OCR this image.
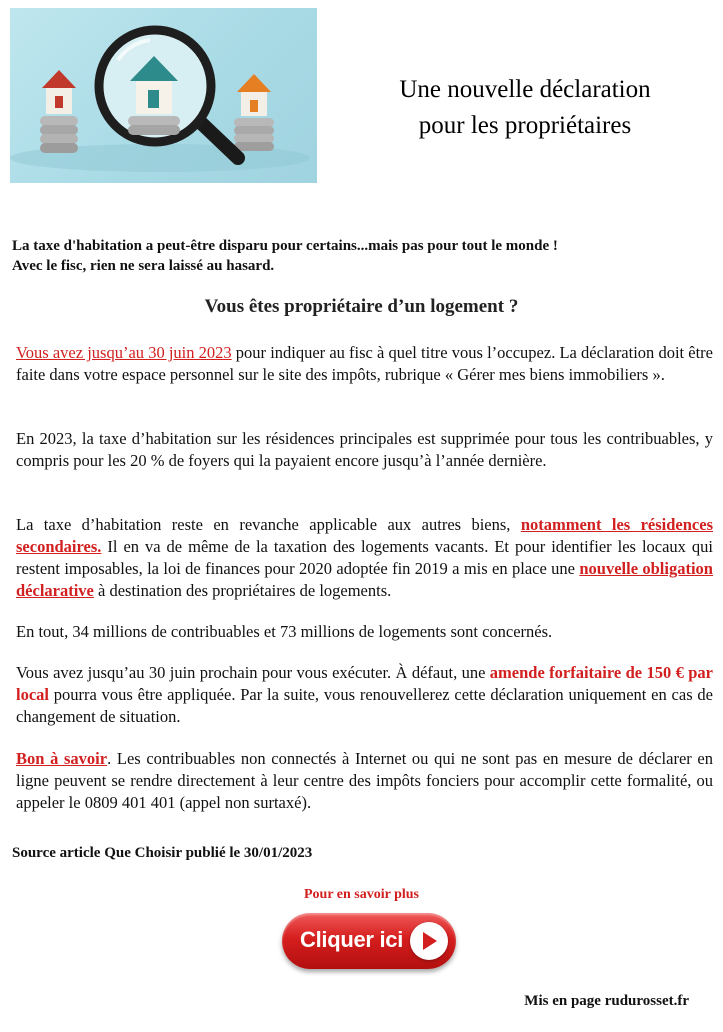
Une nouvelle déclaration
pour les propriétaires
La taxe d'habitation a peut-être disparu pour certains...mais pas pour tout le monde !
Avec le fisc, rien ne sera laissé au hasard.
Vous êtes propriétaire d’un logement ?

Vous avez jusqu’au 30 juin 2023 pour indiquer au fisc à quel titre vous l’occupez. La déclaration doit être faite dans votre espace personnel sur le site des impôts, rubrique « Gérer mes biens immobiliers ».

En 2023, la taxe d’habitation sur les résidences principales est supprimée pour tous les contribuables, y compris pour les 20 % de foyers qui la payaient encore jusqu’à l’année dernière.

La taxe d’habitation reste en revanche applicable aux autres biens, notamment les résidences secondaires. Il en va de même de la taxation des logements vacants. Et pour identifier les locaux qui restent imposables, la loi de finances pour 2020 adoptée fin 2019 a mis en place une nouvelle obligation déclarative à destination des propriétaires de logements.

En tout, 34 millions de contribuables et 73 millions de logements sont concernés.

Vous avez jusqu’au 30 juin prochain pour vous exécuter. À défaut, une amende forfaitaire de 150 € par local pourra vous être appliquée. Par la suite, vous renouvellerez cette déclaration uniquement en cas de changement de situation.

Bon à savoir. Les contribuables non connectés à Internet ou qui ne sont pas en mesure de déclarer en ligne peuvent se rendre directement à leur centre des impôts fonciers pour accomplir cette formalité, ou appeler le 0809 401 401 (appel non surtaxé).

Source article Que Choisir publié le 30/01/2023
Pour en savoir plus
Cliquer ici
Mis en page rudurosset.fr
